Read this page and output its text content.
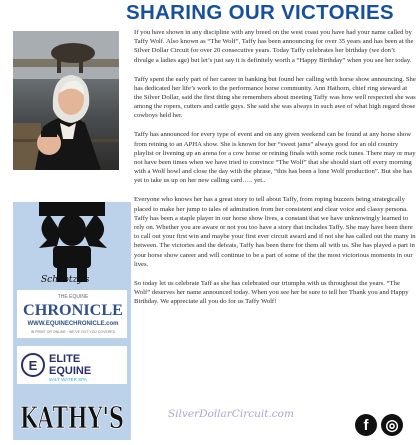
SHARING OUR VICTORIES
Schootzy's
THE EQUINE
CHRONICLE
WWW.EQUINECHRONICLE.com
IN PRINT OR ONLINE · WE'VE GOT YOU COVERED
E ELITE
EQUINE
SALT WATER SPA
KATHY'S

If you have shown in any discipline with any breed on the west coast you have had your name called by Taffy Wolf. Also known as “The Wolf”, Taffy has been announcing for over 35 years and has been at the Silver Dollar Circuit for over 20 consecutive years. Today Taffy celebrates her birthday (we don’t divulge a ladies age) but let’s just say it is definitely worth a “Happy Birthday” when you see her today.

Taffy spent the early part of her career in banking but found her calling with horse show announcing. She has dedicated her life’s work to the performance horse community. Ann Hathorn, chief ring steward at the Silver Dollar, said the first thing she remembers about meeting Taffy was how well respected she was among the ropers, cutters and cattle guys. She said she was always in such awe of what high regard those cowboys held her.

Taffy has announced for every type of event and on any given weekend can be found at any horse show from reining to an APHA show. She is known for her “sweet jams” always good for an old country playlist or livening up an arena for a cow horse or reining finals with some rock tunes. There may or may not have been times when we have tried to convince “The Wolf” that she should start off every morning with a Wolf howl and close the day with the phrase, “this has been a lone Wolf production”. But she has yet to take us up on her new calling card….. yet..

Everyone who knows her has a great story to tell about Taffy, from roping buzzers being strategically placed to make her jump to tales of admiration from her consistent and clear voice and classy persona. Taffy has been a staple player in our horse show lives, a constant that we have unknowingly learned to rely on. Whether you are aware or not you too have a story that includes Taffy. She may have been there to call out your first win and maybe your first ever circuit award and if not she has called out the many in between. The victories and the defeats, Taffy has been there for them all with us. She has played a part in your horse show career and will continue to be a part of some of the the most victorious moments in our lives.

So today let us celebrate Taff as she has celebrated our triumphs with us throughout the years. “The Wolf” deserves her name announced today. When you see her be sure to tell her Thank you and Happy Birthday. We appreciate all you do for us Taffy Wolf!

SilverDollarCircuit.com
f	◎
